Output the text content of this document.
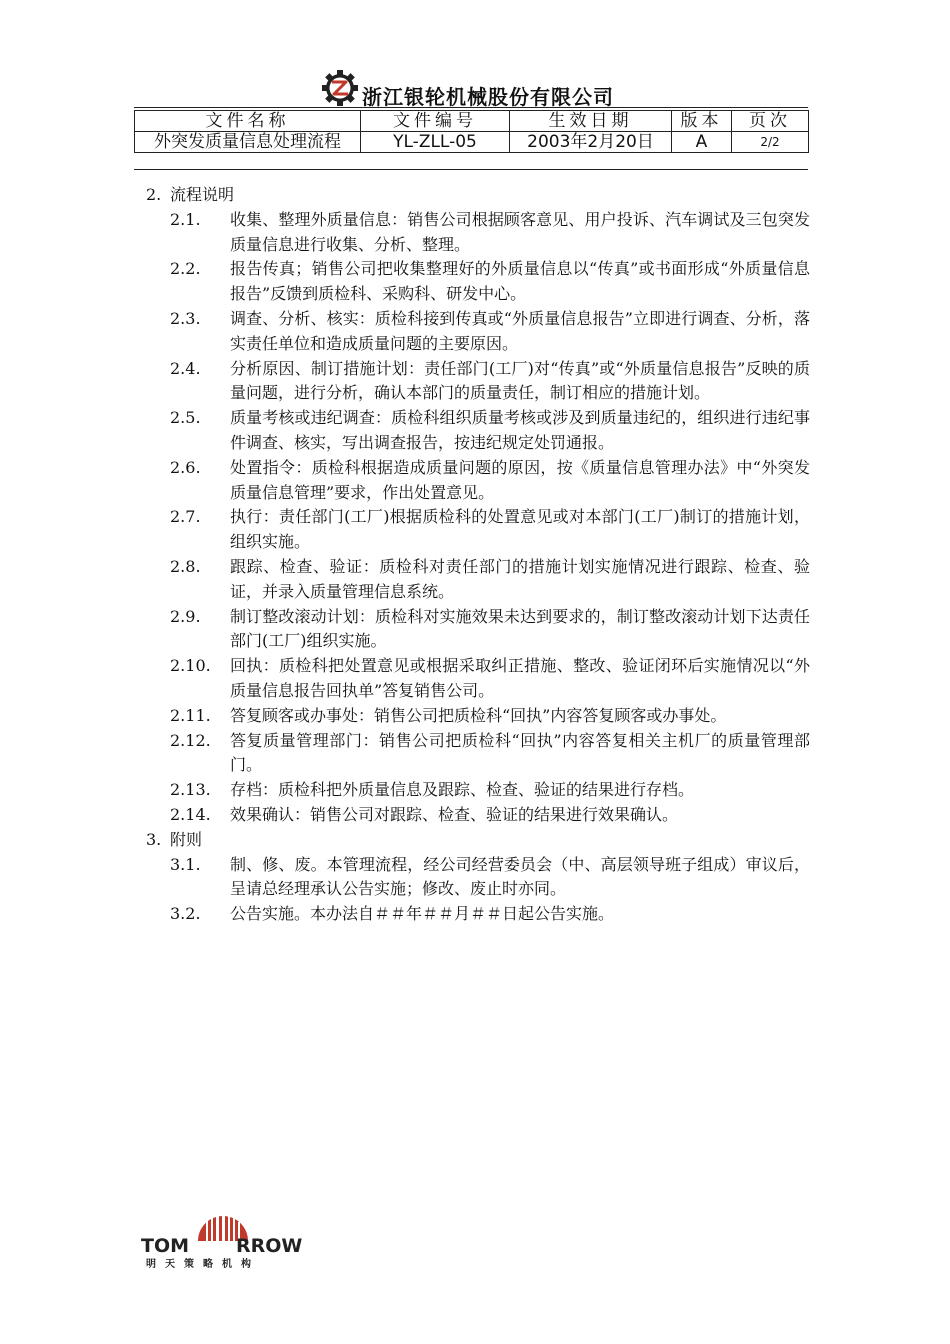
浙江银轮机械股份有限公司
文件名称	文件编号	生效日期	版本	页次
外突发质量信息处理流程	YL-ZLL-05	2003年2月20日	A	2/2
2. 流程说明
2.1.	收集、整理外质量信息：销售公司根据顾客意见、用户投诉、汽车调试及三包突发质量信息进行收集、分析、整理。
2.2.	报告传真；销售公司把收集整理好的外质量信息以“传真”或书面形成“外质量信息报告”反馈到质检科、采购科、研发中心。
2.3.	调查、分析、核实：质检科接到传真或“外质量信息报告”立即进行调查、分析，落实责任单位和造成质量问题的主要原因。
2.4.	分析原因、制订措施计划：责任部门(工厂)对“传真”或“外质量信息报告”反映的质量问题，进行分析，确认本部门的质量责任，制订相应的措施计划。
2.5.	质量考核或违纪调查：质检科组织质量考核或涉及到质量违纪的，组织进行违纪事件调查、核实，写出调查报告，按违纪规定处罚通报。
2.6.	处置指令：质检科根据造成质量问题的原因，按《质量信息管理办法》中“外突发质量信息管理”要求，作出处置意见。
2.7.	执行：责任部门(工厂)根据质检科的处置意见或对本部门(工厂)制订的措施计划，组织实施。
2.8.	跟踪、检查、验证：质检科对责任部门的措施计划实施情况进行跟踪、检查、验证，并录入质量管理信息系统。
2.9.	制订整改滚动计划：质检科对实施效果未达到要求的，制订整改滚动计划下达责任部门(工厂)组织实施。
2.10.	回执：质检科把处置意见或根据采取纠正措施、整改、验证闭环后实施情况以“外质量信息报告回执单”答复销售公司。
2.11.	答复顾客或办事处：销售公司把质检科“回执”内容答复顾客或办事处。
2.12.	答复质量管理部门：销售公司把质检科“回执”内容答复相关主机厂的质量管理部门。
2.13.	存档：质检科把外质量信息及跟踪、检查、验证的结果进行存档。
2.14.	效果确认：销售公司对跟踪、检查、验证的结果进行效果确认。
3. 附则
3.1.	制、修、废。本管理流程，经公司经营委员会（中、高层领导班子组成）审议后，呈请总经理承认公告实施；修改、废止时亦同。
3.2.	公告实施。本办法自＃＃年＃＃月＃＃日起公告实施。
TOM RROW
明天策略机构
